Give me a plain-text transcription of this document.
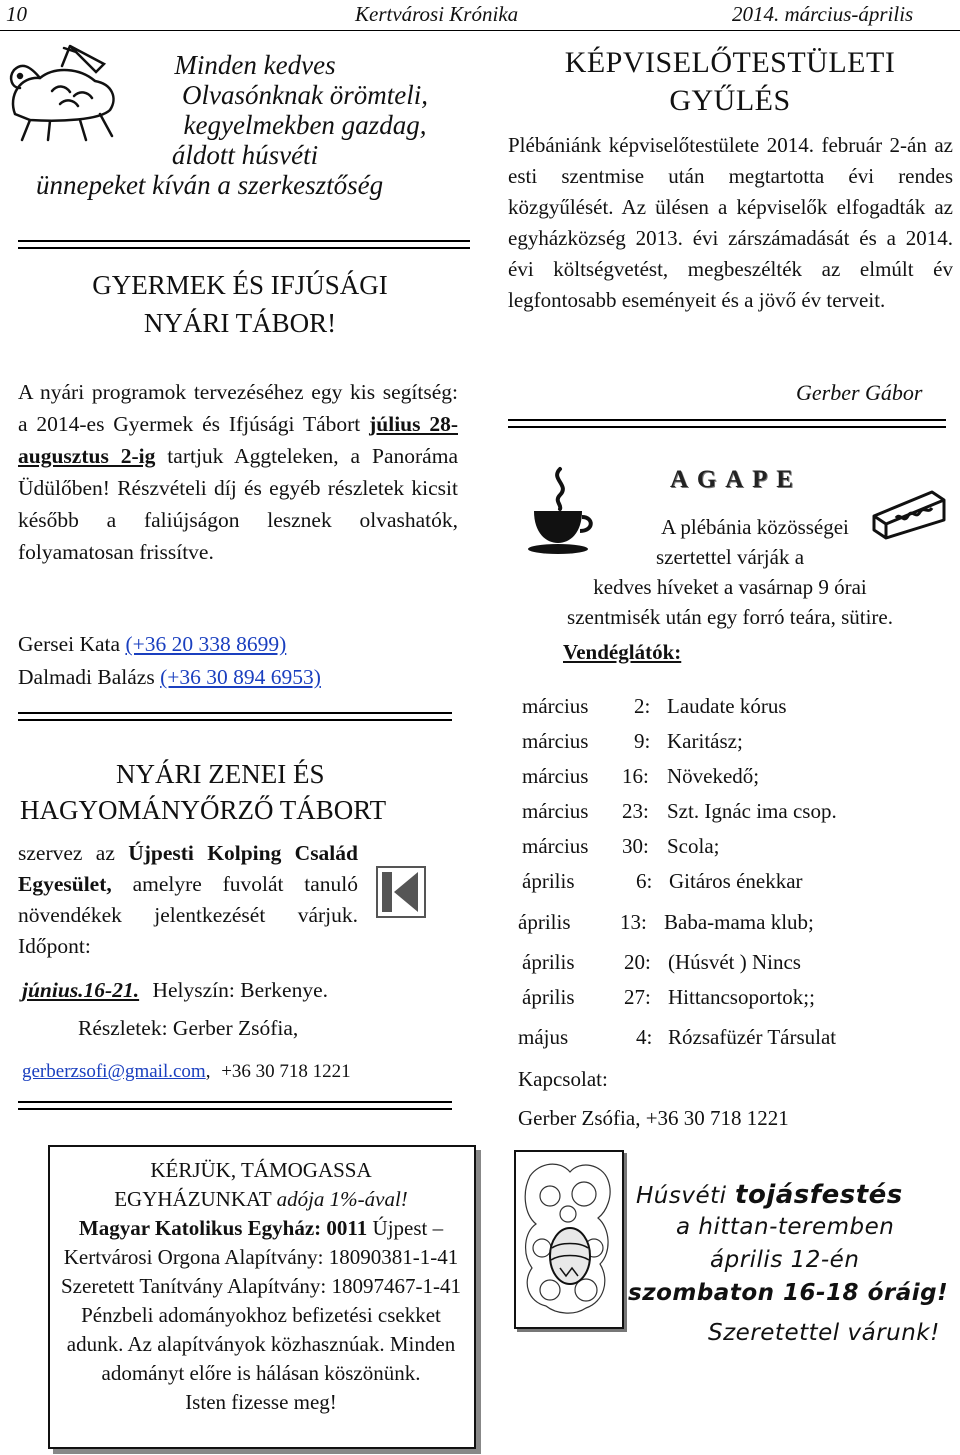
10	Kertvárosi Krónika	2014. március-április
Minden kedves
Olvasónknak örömteli,
kegyelmekben gazdag,
áldott húsvéti
ünnepeket kíván a szerkesztőség
GYERMEK ÉS IFJÚSÁGI
NYÁRI TÁBOR!
A nyári programok tervezéséhez egy kis segítség: a 2014-es Gyermek és Ifjúsági Tábort július 28-augusztus 2-ig tartjuk Aggteleken, a Panoráma Üdülőben! Részvételi díj és egyéb részletek kicsit később a faliújságon lesznek olvashatók, folyamatosan frissítve.
Gersei Kata (+36 20 338 8699)
Dalmadi Balázs (+36 30 894 6953)
NYÁRI ZENEI ÉS
HAGYOMÁNYŐRZŐ TÁBORT
szervez az Újpesti Kolping Család Egyesület, amelyre fuvolát tanuló növendékek jelentkezését várjuk. Időpont:
június.16-21. Helyszín: Berkenye.
Részletek: Gerber Zsófia,
gerberzsofi@gmail.com, +36 30 718 1221
KÉRJÜK, TÁMOGASSA
EGYHÁZUNKAT adója 1%-ával!
Magyar Katolikus Egyház: 0011 Újpest –Kertvárosi Orgona Alapítvány: 18090381-1-41 Szeretett Tanítvány Alapítvány: 18097467-1-41 Pénzbeli adományokhoz befizetési csekket adunk. Az alapítványok közhasznúak. Minden adományt előre is hálásan köszönünk.
Isten fizesse meg!
KÉPVISELŐTESTÜLETI
GYŰLÉS
Plébániánk képviselőtestülete 2014. február 2-án az esti szentmise után megtartotta évi rendes közgyűlését. Az ülésen a képviselők elfogadták az egyházközség 2013. évi zárszámadását és a 2014. évi költségvetést, megbeszélték az elmúlt év legfontosabb eseményeit és a jövő év terveit.
Gerber Gábor
A G A P E
A plébánia közösségei
szertettel várják a
kedves híveket a vasárnap 9 órai
szentmisék után egy forró teára, sütire.
Vendéglátók:
március 2: Laudate kórus
március 9: Karitász;
március 16: Növekedő;
március 23: Szt. Ignác ima csop.
március 30: Scola;
április	6: Gitáros énekkar
április 13: Baba-mama klub;
április 20: (Húsvét ) Nincs
április 27: Hittancsoportok;;
május	4: Rózsafüzér Társulat
Kapcsolat:
Gerber Zsófia, +36 30 718 1221
Húsvéti tojásfestés
a hittan-teremben
április 12-én
szombaton 16-18 óráig!
Szeretettel várunk!
